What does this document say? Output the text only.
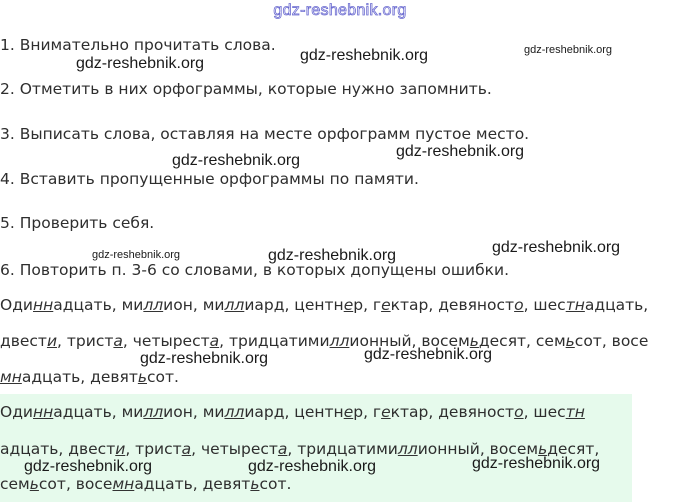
gdz-reshebnik.org
1. Внимательно прочитать слова.
2. Отметить в них орфограммы, которые нужно запомнить.
3. Выписать слова, оставляя на месте орфограмм пустое место.
4. Вставить пропущенные орфограммы по памяти.
5. Проверить себя.
6. Повторить п. 3-6 со словами, в которых допущены ошибки.
Одиннадцать, миллион, миллиард, центнер, гектар, девяносто, шестнадцать,
двести, триста, четыреста, тридцатимиллионный, восемьдесят, семьсот, восе
мнадцать, девятьсот.
Одиннадцать, миллион, миллиард, центнер, гектар, девяносто, шестн
адцать, двести, триста, четыреста, тридцатимиллионный, восемьдесят,
семьсот, восемнадцать, девятьсот.
gdz-reshebnik.org	gdz-reshebnik.org	gdz-reshebnik.org
gdz-reshebnik.org
gdz-reshebnik.org
gdz-reshebnik.org	gdz-reshebnik.org	gdz-reshebnik.org
gdz-reshebnik.org	gdz-reshebnik.org
gdz-reshebnik.org	gdz-reshebnik.org	gdz-reshebnik.org
